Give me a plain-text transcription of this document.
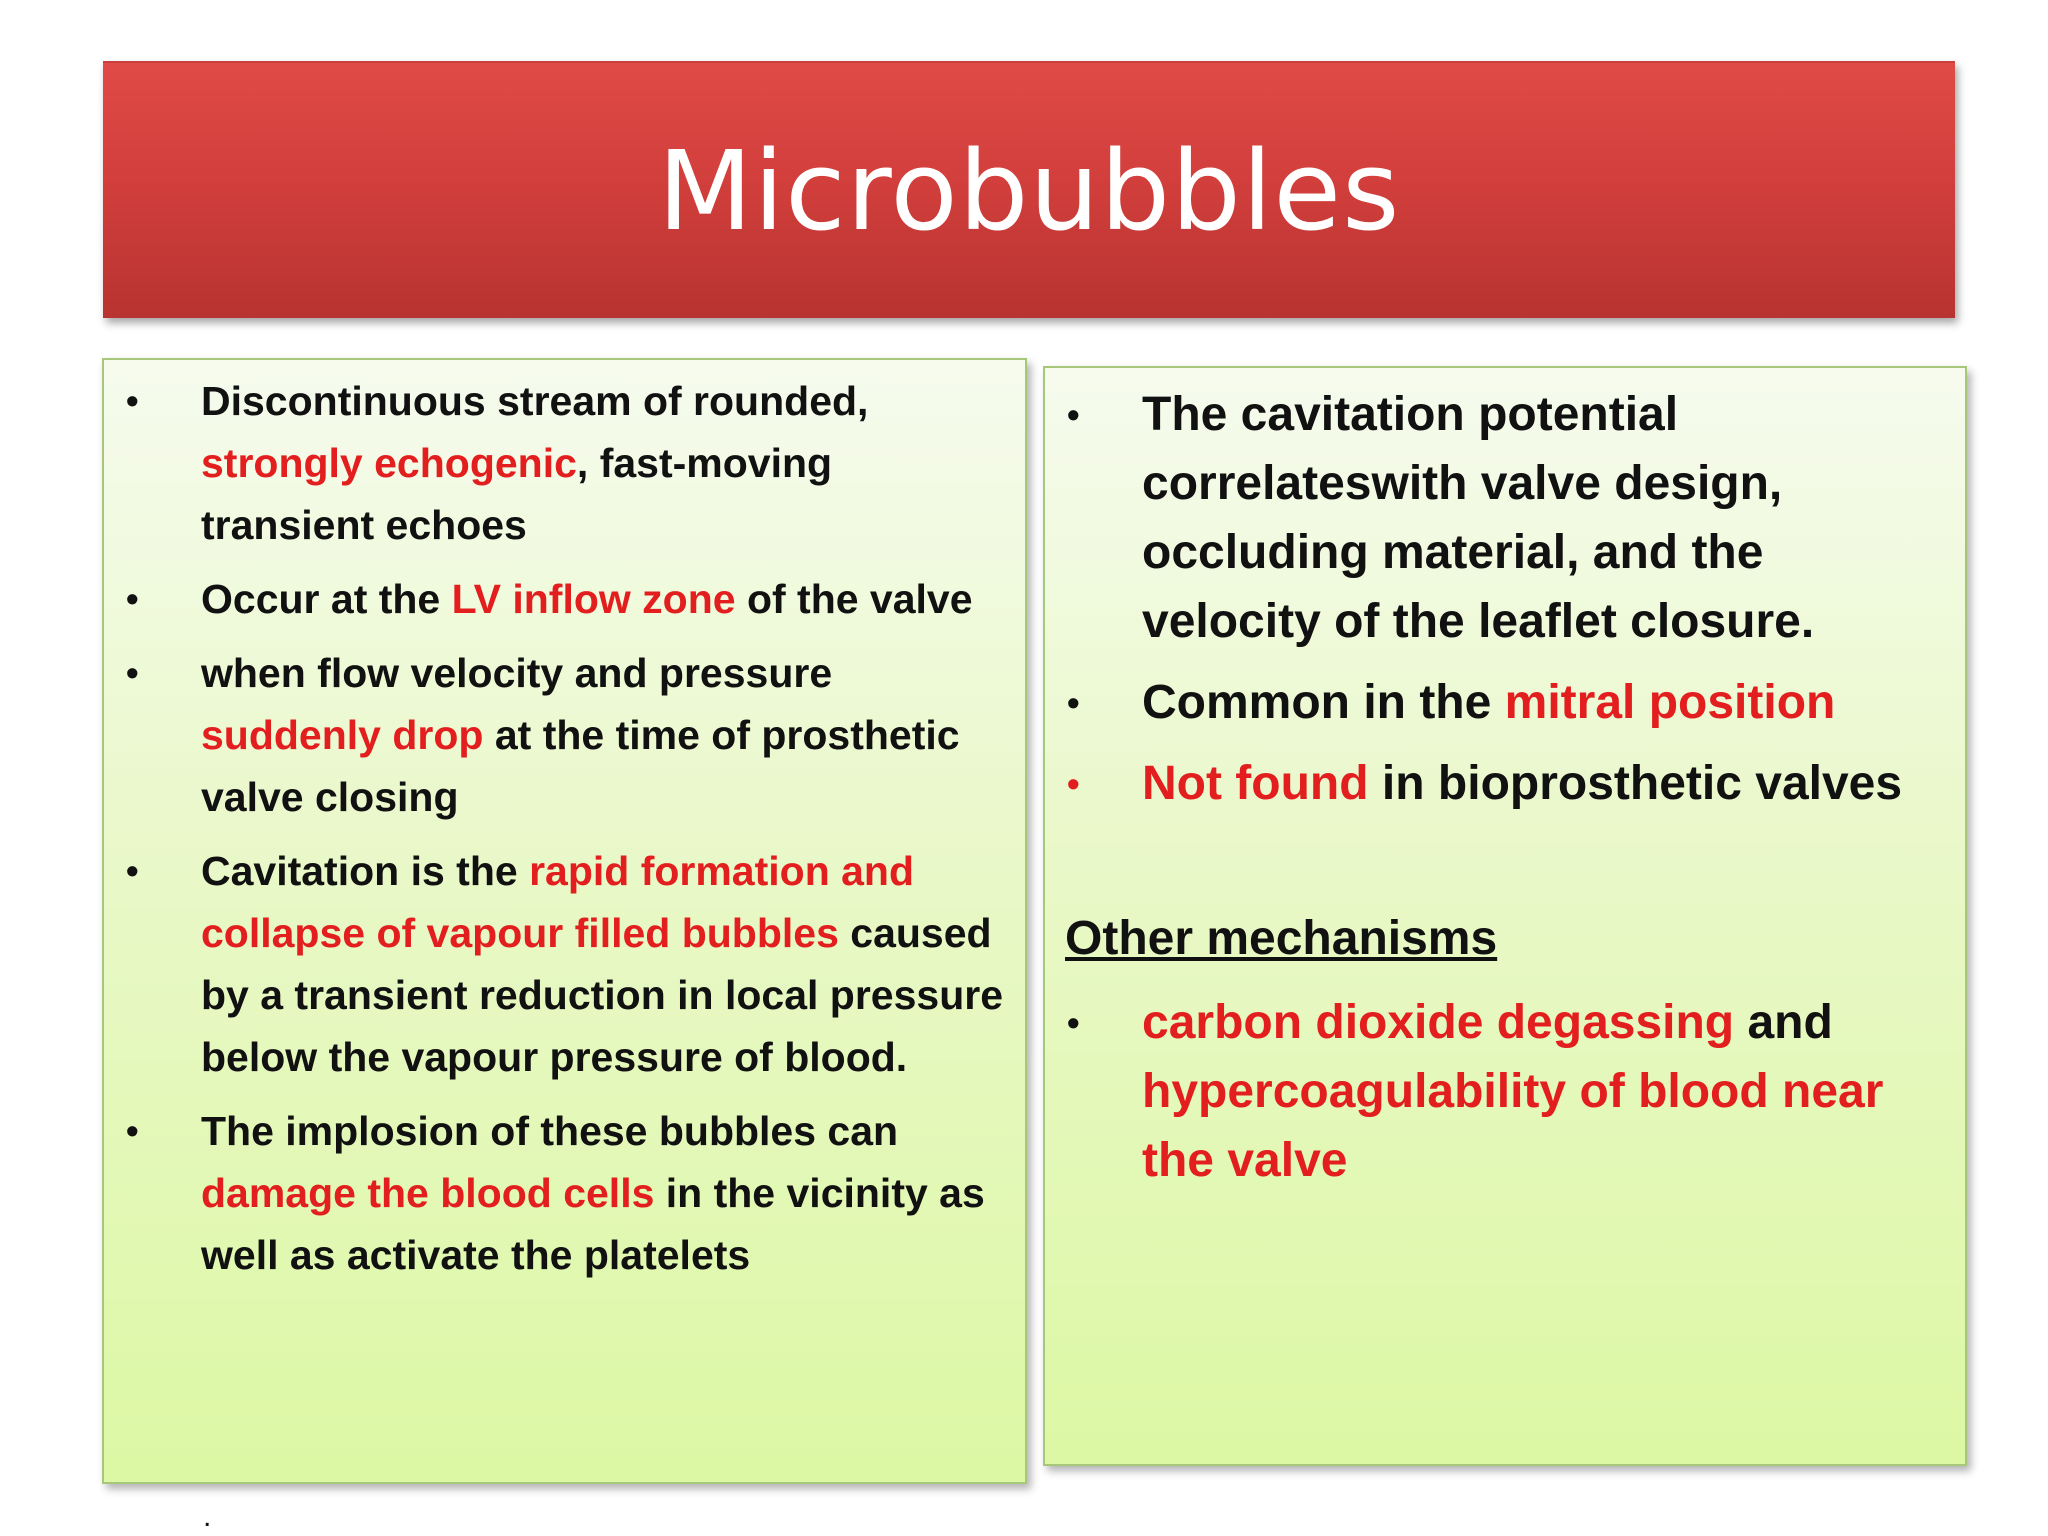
Microbubbles
• Discontinuous stream of rounded, strongly echogenic, fast-moving transient echoes
• Occur at the LV inflow zone of the valve
• when flow velocity and pressure suddenly drop at the time of prosthetic valve closing
• Cavitation is the rapid formation and collapse of vapour filled bubbles caused by a transient reduction in local pressure below the vapour pressure of blood.
• The implosion of these bubbles can damage the blood cells in the vicinity as well as activate the platelets
• The cavitation potential correlateswith valve design, occluding material, and the velocity of the leaflet closure.
• Common in the mitral position
• Not found in bioprosthetic valves
Other mechanisms
• carbon dioxide degassing and hypercoagulability of blood near the valve
.
